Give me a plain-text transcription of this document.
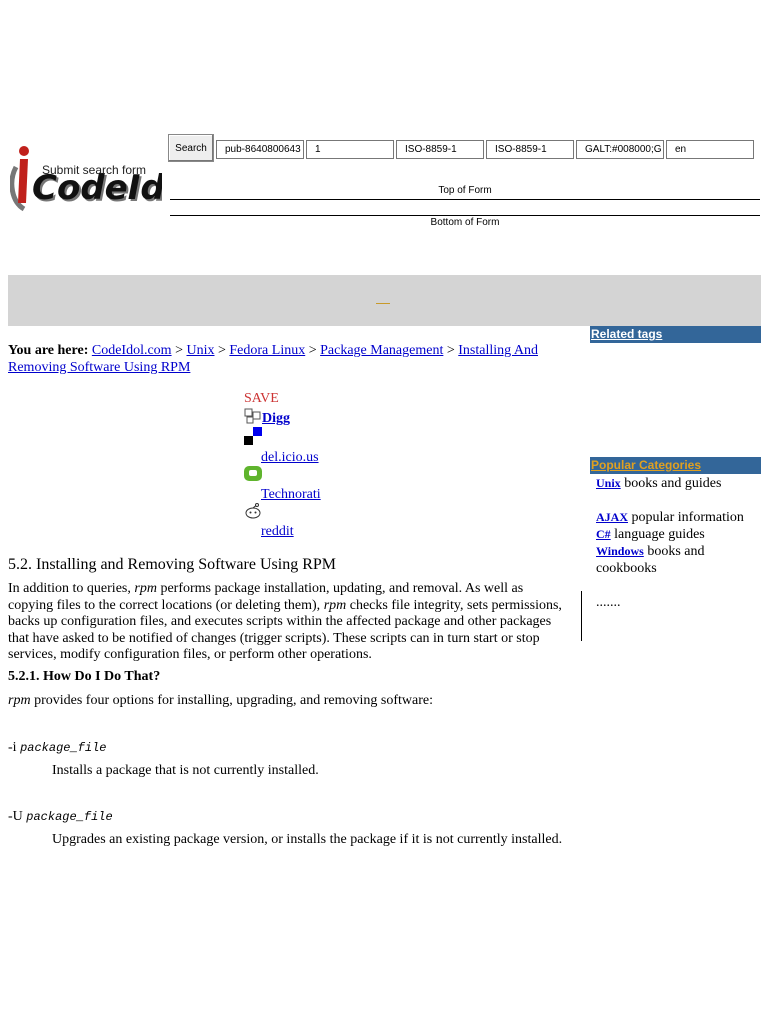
CodeI
CodeId
Submit search form
Search	pub-8640800643	1	ISO-8859-1	ISO-8859-1	GALT:#008000;G	en
Top of Form
Bottom of Form
You are here: CodeIdol.com > Unix > Fedora Linux > Package Management > Installing And Removing Software Using RPM
SAVE
Digg
del.icio.us
Technorati
reddit
Related tags
Popular Categories

Unix books and guides

AJAX popular information

C# language guides

Windows books and cookbooks

.......

5.2. Installing and Removing Software Using RPM

In addition to queries, rpm performs package installation, updating, and removal. As well as copying files to the correct locations (or deleting them), rpm checks file integrity, sets permissions, backs up configuration files, and executes scripts within the affected package and other packages that have asked to be notified of changes (trigger scripts). These scripts can in turn start or stop services, modify configuration files, or perform other operations.

5.2.1. How Do I Do That?

rpm provides four options for installing, upgrading, and removing software:

-i package_file

Installs a package that is not currently installed.

-U package_file

Upgrades an existing package version, or installs the package if it is not currently installed.
